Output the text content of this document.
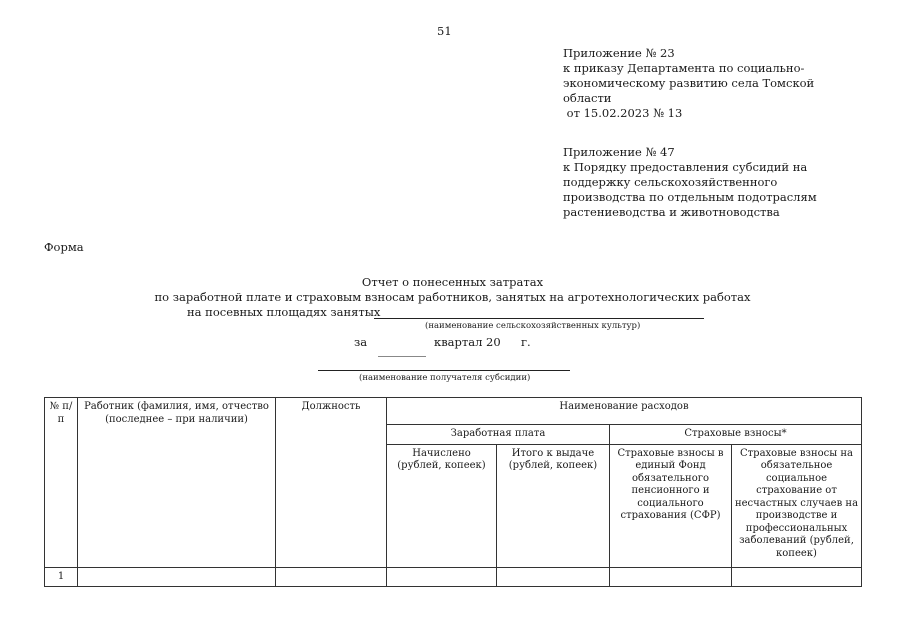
51
Приложение № 23
к приказу Департамента по социально-
экономическому развитию села Томской
области
от 15.02.2023 № 13
Приложение № 47
к Порядку предоставления субсидий на
поддержку сельскохозяйственного
производства по отдельным подотраслям
растениеводства и животноводства
Форма
Отчет о понесенных затратах
по заработной плате и страховым взносам работников, занятых на агротехнологических работах
на посевных площадях занятых
(наименование сельскохозяйственных культур)
за	квартал 20 г.
(наименование получателя субсидии)
№ п/п	Работник (фамилия, имя, отчество (последнее – при наличии)	Должность	Наименование расходов			
			Заработная плата		Страховые взносы*	
			Начислено (рублей, копеек)	Итого к выдаче (рублей, копеек)	Страховые взносы в единый Фонд обязательного пенсионного и социального страхования (СФР)	Страховые взносы на обязательное социальное страхование от несчастных случаев на производстве и профессиональных заболеваний (рублей, копеек)
1						
